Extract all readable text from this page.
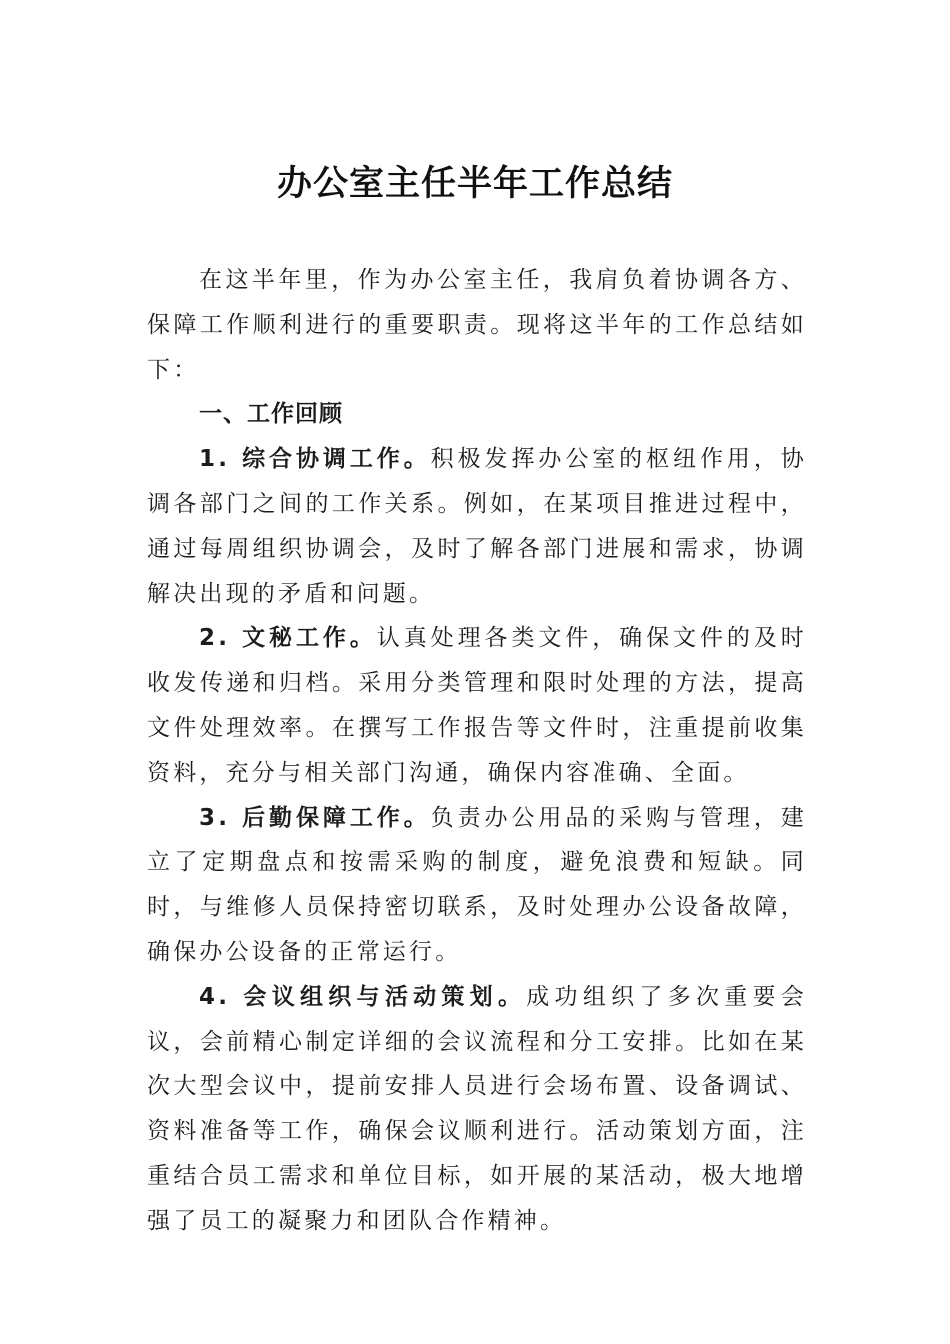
办公室主任半年工作总结

在这半年里，作为办公室主任，我肩负着协调各方、保障工作顺利进行的重要职责。现将这半年的工作总结如下：

一、工作回顾

1. 综合协调工作。积极发挥办公室的枢纽作用，协调各部门之间的工作关系。例如，在某项目推进过程中，通过每周组织协调会，及时了解各部门进展和需求，协调解决出现的矛盾和问题。

2. 文秘工作。认真处理各类文件，确保文件的及时收发传递和归档。采用分类管理和限时处理的方法，提高文件处理效率。在撰写工作报告等文件时，注重提前收集资料，充分与相关部门沟通，确保内容准确、全面。

3. 后勤保障工作。负责办公用品的采购与管理，建立了定期盘点和按需采购的制度，避免浪费和短缺。同时，与维修人员保持密切联系，及时处理办公设备故障，确保办公设备的正常运行。

4. 会议组织与活动策划。成功组织了多次重要会议，会前精心制定详细的会议流程和分工安排。比如在某次大型会议中，提前安排人员进行会场布置、设备调试、资料准备等工作，确保会议顺利进行。活动策划方面，注重结合员工需求和单位目标，如开展的某活动，极大地增强了员工的凝聚力和团队合作精神。
